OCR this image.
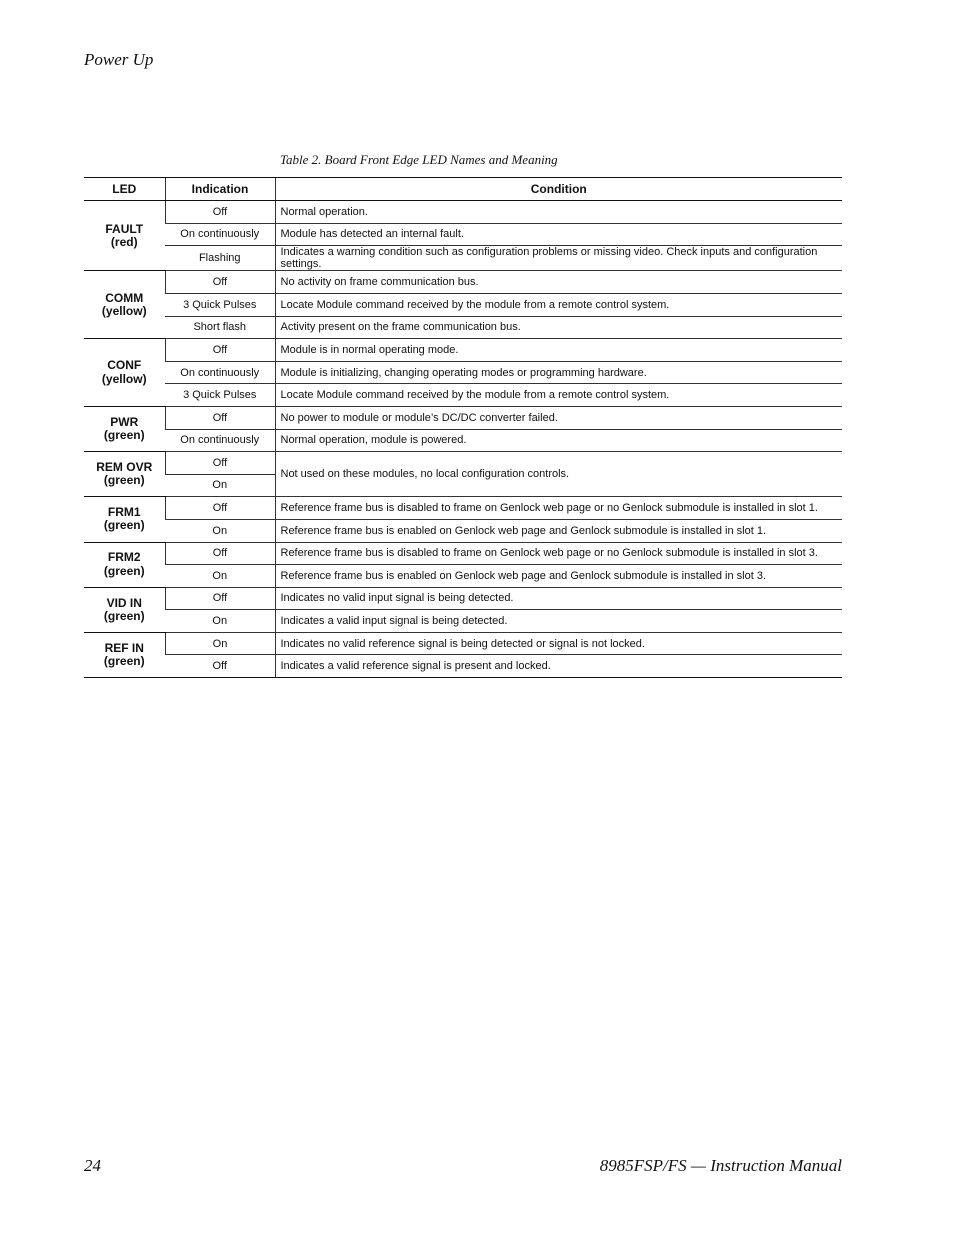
Power Up
Table 2. Board Front Edge LED Names and Meaning
LED	Indication	Condition

FAULT
(red)	Off	Normal operation.
	On continuously	Module has detected an internal fault.
	Flashing	Indicates a warning condition such as configuration problems or missing video. Check inputs and configuration settings.

COMM
(yellow)	Off	No activity on frame communication bus.
	3 Quick Pulses	Locate Module command received by the module from a remote control system.
	Short flash	Activity present on the frame communication bus.

CONF
(yellow)	Off	Module is in normal operating mode.
	On continuously	Module is initializing, changing operating modes or programming hardware.
	3 Quick Pulses	Locate Module command received by the module from a remote control system.

PWR
(green)	Off	No power to module or module’s DC/DC converter failed.
	On continuously	Normal operation, module is powered.

REM OVR
(green)	Off	Not used on these modules, no local configuration controls.
	On	

FRM1
(green)	Off	Reference frame bus is disabled to frame on Genlock web page or no Genlock submodule is installed in slot 1.
	On	Reference frame bus is enabled on Genlock web page and Genlock submodule is installed in slot 1.

FRM2
(green)	Off	Reference frame bus is disabled to frame on Genlock web page or no Genlock submodule is installed in slot 3.
	On	Reference frame bus is enabled on Genlock web page and Genlock submodule is installed in slot 3.

VID IN
(green)	Off	Indicates no valid input signal is being detected.
	On	Indicates a valid input signal is being detected.

REF IN
(green)	On	Indicates no valid reference signal is being detected or signal is not locked.
	Off	Indicates a valid reference signal is present and locked.
24	8985FSP/FS — Instruction Manual
